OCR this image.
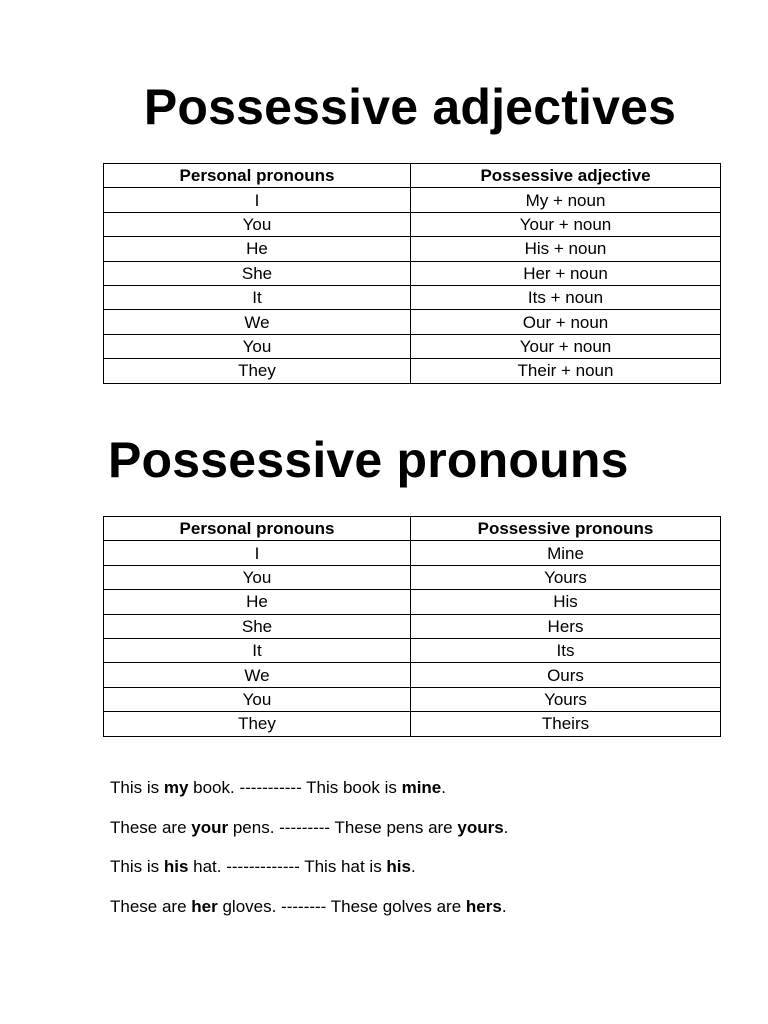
Possessive adjectives
Personal pronouns	Possessive adjective
I	My + noun
You	Your + noun
He	His + noun
She	Her + noun
It	Its + noun
We	Our + noun
You	Your + noun
They	Their + noun
Possessive pronouns
Personal pronouns	Possessive pronouns
I	Mine
You	Yours
He	His
She	Hers
It	Its
We	Ours
You	Yours
They	Theirs

This is my book. ----------- This book is mine.

These are your pens. --------- These pens are yours.

This is his hat. ------------- This hat is his.

These are her gloves. -------- These golves are hers.
